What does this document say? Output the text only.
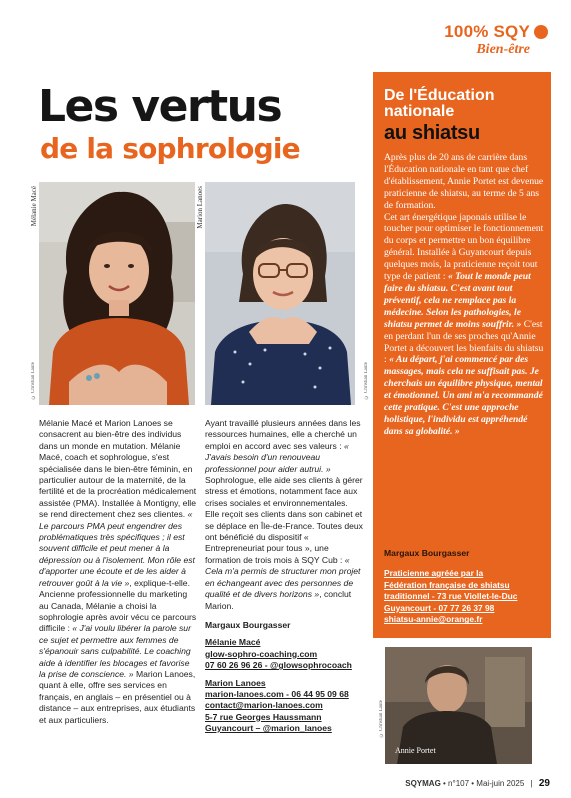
100% SQY
Bien-être
Les vertus
de la sophrologie
Mélanie Macé	Marion Lanoes
© Christian Lauté	© Christian Lauté

Mélanie Macé et Marion Lanoes se consacrent au bien-être des individus dans un monde en mutation. Mélanie Macé, coach et sophrologue, s'est spécialisée dans le bien-être féminin, en particulier autour de la maternité, de la fertilité et de la procréation médicalement assistée (PMA). Installée à Montigny, elle se rend directement chez ses clientes. « Le parcours PMA peut engendrer des problématiques très spécifiques ; il est souvent difficile et peut mener à la dépression ou à l'isolement. Mon rôle est d'apporter une écoute et de les aider à retrouver goût à la vie », explique-t-elle.

Ancienne professionnelle du marketing au Canada, Mélanie a choisi la sophrologie après avoir vécu ce parcours difficile : « J'ai voulu libérer la parole sur ce sujet et permettre aux femmes de s'épanouir sans culpabilité. Le coaching aide à identifier les blocages et favorise la prise de conscience. » Marion Lanoes, quant à elle, offre ses services en français, en anglais – en présentiel ou à distance – aux entreprises, aux étudiants et aux particuliers.

Ayant travaillé plusieurs années dans les ressources humaines, elle a cherché un emploi en accord avec ses valeurs : « J'avais besoin d'un renouveau professionnel pour aider autrui. » Sophrologue, elle aide ses clients à gérer stress et émotions, notamment face aux crises sociales et environnementales. Elle reçoit ses clients dans son cabinet et se déplace en Île-de-France. Toutes deux ont bénéficié du dispositif « Entrepreneuriat pour tous », une formation de trois mois à SQY Cub : « Cela m'a permis de structurer mon projet en échangeant avec des personnes de qualité et de divers horizons », conclut Marion.

Margaux Bourgasser

Mélanie Macé

glow-sophro-coaching.com

07 60 26 96 26 - @glowsophrocoach

Marion Lanoes

marion-lanoes.com - 06 44 95 09 68

contact@marion-lanoes.com

5-7 rue Georges Haussmann

Guyancourt – @marion_lanoes

De l'Éducation nationale
au shiatsu

Après plus de 20 ans de carrière dans l'Éducation nationale en tant que chef d'établissement, Annie Portet est devenue praticienne de shiatsu, au terme de 5 ans de formation.

Cet art énergétique japonais utilise le toucher pour optimiser le fonctionnement du corps et permettre un bon équilibre général. Installée à Guyancourt depuis quelques mois, la praticienne reçoit tout type de patient : « Tout le monde peut faire du shiatsu. C'est avant tout préventif, cela ne remplace pas la médecine. Selon les pathologies, le shiatsu permet de moins souffrir. » C'est en perdant l'un de ses proches qu'Annie Portet a découvert les bienfaits du shiatsu : « Au départ, j'ai commencé par des massages, mais cela ne suffisait pas. Je cherchais un équilibre physique, mental et émotionnel. Un ami m'a recommandé cette pratique. C'est une approche holistique, l'individu est appréhendé dans sa globalité. »

Margaux Bourgasser
Praticienne agréée par la
Fédération française de shiatsu
traditionnel - 73 rue Viollet-le-Duc
Guyancourt - 07 77 26 37 98
shiatsu-annie@orange.fr
Annie Portet
© Christian Lauté
SQYMAG • n°107 • Mai-juin 2025 | 29
